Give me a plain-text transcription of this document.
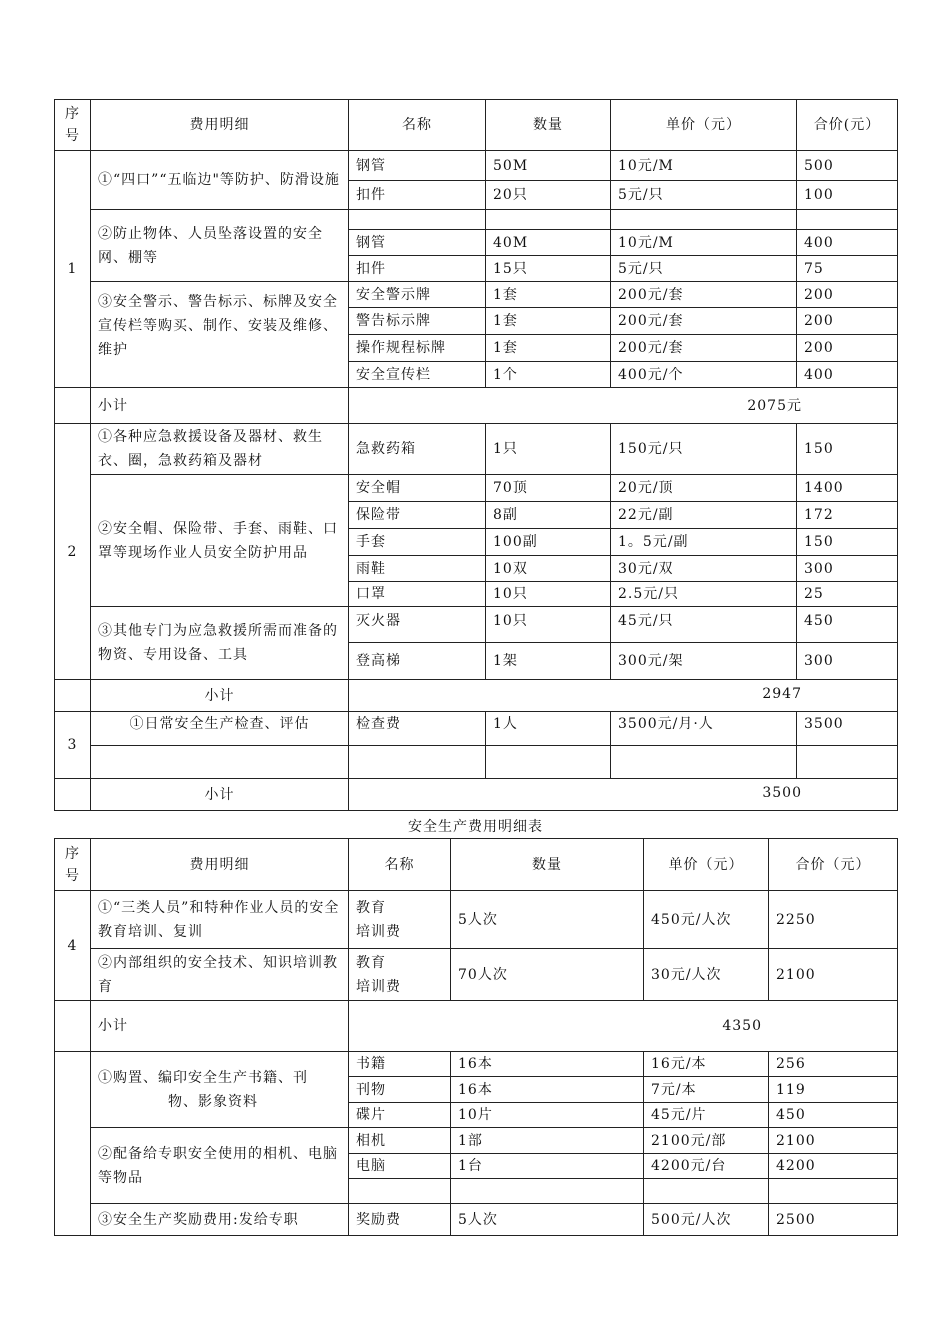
序
号	费用明细	名称	数量	单价（元）	合价(元）
1	①“四口”“五临边"等防护、防滑设施	钢管	50M	10元/M	500
		扣件	20只	5元/只	100
	②防止物体、人员坠落设置的安全网、棚等				
		钢管	40M	10元/M	400
		扣件	15只	5元/只	75
	③安全警示、警告标示、标牌及安全宣传栏等购买、制作、安装及维修、维护	安全警示牌	1套	200元/套	200
		警告标示牌	1套	200元/套	200
		操作规程标牌	1套	200元/套	200
		安全宣传栏	1个	400元/个	400
	小计	2075元			
2	①各种应急救援设备及器材、救生衣、圈，急救药箱及器材	急救药箱	1只	150元/只	150
	②安全帽、保险带、手套、雨鞋、口罩等现场作业人员安全防护用品	安全帽	70顶	20元/顶	1400
		保险带	8副	22元/副	172
		手套	100副	1。5元/副	150
		雨鞋	10双	30元/双	300
		口罩	10只	2.5元/只	25
	③其他专门为应急救援所需而准备的物资、专用设备、工具	灭火器	10只	45元/只	450
		登高梯	1架	300元/架	300
	小计	2947			
3	①日常安全生产检查、评估	检查费	1人	3500元/月·人	3500

	小计	3500			
安全生产费用明细表
序
号	费用明细	名称	数量	单价（元）	合价（元）
4	①“三类人员”和特种作业人员的安全教育培训、复训	教育
培训费	5人次	450元/人次	2250
	②内部组织的安全技术、知识培训教育	教育
培训费	70人次	30元/人次	2100
	小计	4350			

	①购置、编印安全生产书籍、刊
物、影象资料	书籍	16本	16元/本	256
		刊物	16本	7元/本	119
		碟片	10片	45元/片	450
	②配备给专职安全使用的相机、电脑等物品	相机	1部	2100元/部	2100
		电脑	1台	4200元/台	4200

	③安全生产奖励费用:发给专职	奖励费	5人次	500元/人次	2500
